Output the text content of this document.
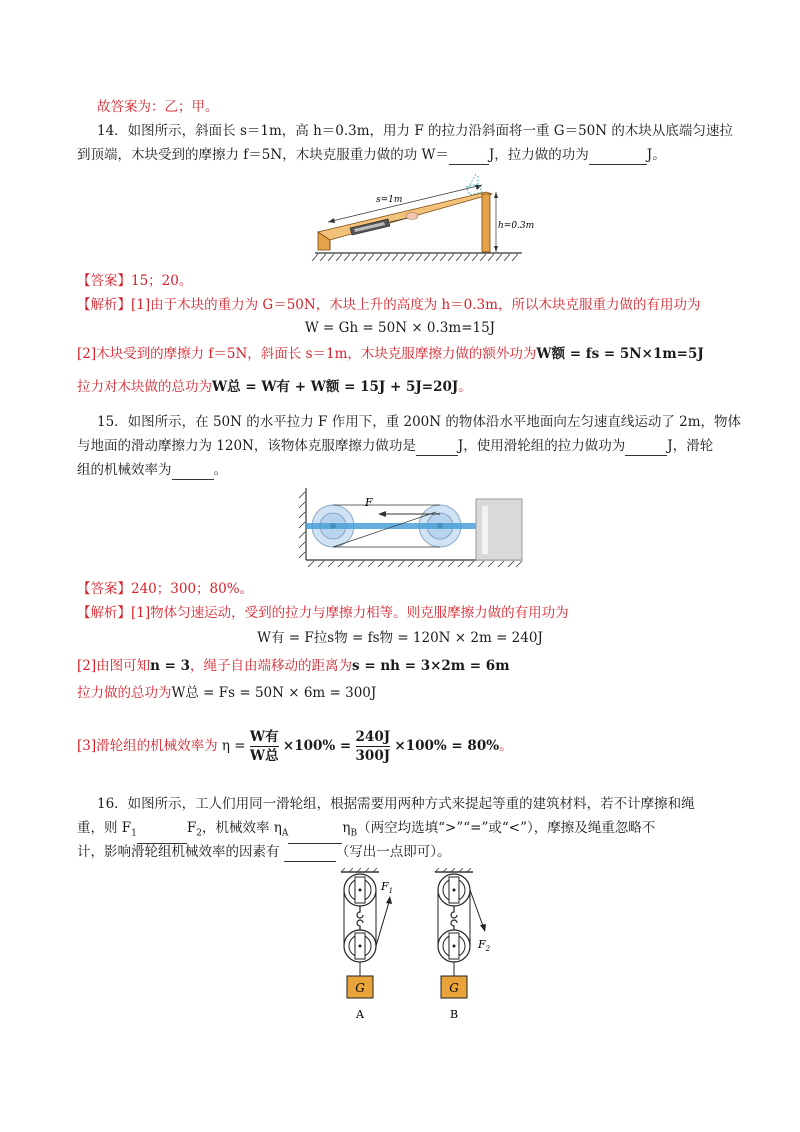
故答案为：乙；甲。
14．如图所示，斜面长 s＝1m，高 h＝0.3m，用力 F 的拉力沿斜面将一重 G＝50N 的木块从底端匀速拉
到顶端，木块受到的摩擦力 f＝5N，木块克服重力做的功 W＝	J，拉力做的功为	J。
s=1m
h=0.3m
【答案】15；20。
【解析】[1]由于木块的重力为 G＝50N，木块上升的高度为 h＝0.3m，所以木块克服重力做的有用功为
W = Gh = 50N × 0.3m=15J
[2]木块受到的摩擦力 f＝5N，斜面长 s＝1m，木块克服摩擦力做的额外功为W额 = fs = 5N×1m=5J
拉力对木块做的总功为W总 = W有 + W额 = 15J + 5J=20J。
15．如图所示，在 50N 的水平拉力 F 作用下，重 200N 的物体沿水平地面向左匀速直线运动了 2m，物体
与地面的滑动摩擦力为 120N，该物体克服摩擦力做功是	J，使用滑轮组的拉力做功为	J，滑轮
组的机械效率为	。
F
【答案】240；300；80%。
【解析】[1]物体匀速运动，受到的拉力与摩擦力相等。则克服摩擦力做的有用功为
W有 = F拉s物 = fs物 = 120N × 2m = 240J
[2]由图可知n = 3，绳子自由端移动的距离为s = nh = 3×2m = 6m
拉力做的总功为W总 = Fs = 50N × 6m = 300J
[3]滑轮组的机械效率为 η =
W有
W总
$\times 100\% = \frac{240J}{300J} \times 100\% = 80\%$。
16．如图所示，工人们用同一滑轮组，根据需要用两种方式来提起等重的建筑材料，若不计摩擦和绳
重，则 $F_1$	$F_2$，机械效率 $\eta_A$	$\eta_B$（两空均选填“>”“=”或“<”），摩擦及绳重忽略不
计，影响滑轮组机械效率的因素有	（写出一点即可）。
$F_1$
G
A
$F_2$
G
B
